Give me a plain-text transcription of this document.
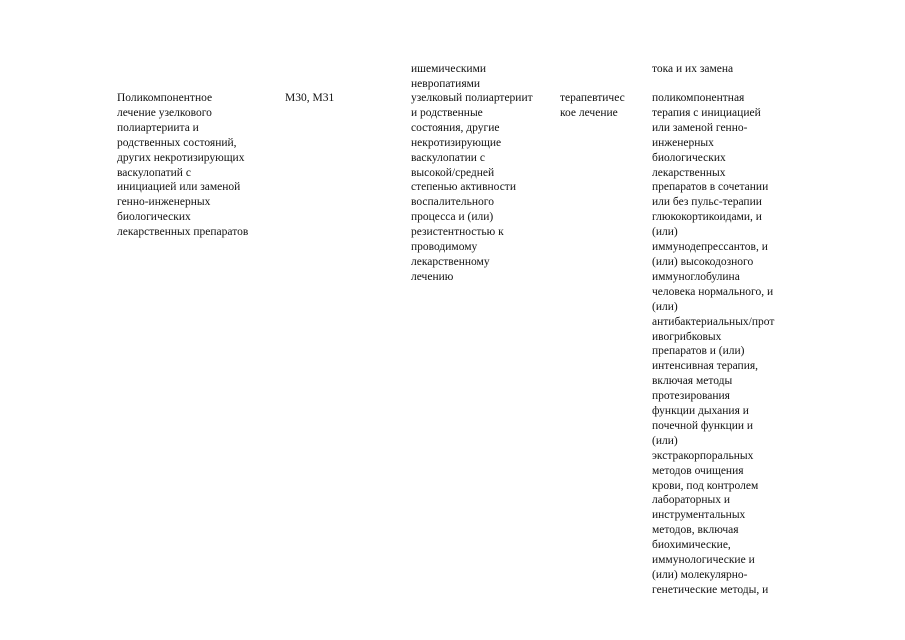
ишемическими
невропатиями
тока и их замена
Поликомпонентное
лечение узелкового
полиартериита и
родственных состояний,
других некротизирующих
васкулопатий с
инициацией или заменой
генно-инженерных
биологических
лекарственных препаратов
M30, M31	узелковый полиартериит
и родственные
состояния, другие
некротизирующие
васкулопатии с
высокой/средней
степенью активности
воспалительного
процесса и (или)
резистентностью к
проводимому
лекарственному
лечению
терапевтичес
кое лечение
поликомпонентная
терапия с инициацией
или заменой генно-
инженерных
биологических
лекарственных
препаратов в сочетании
или без пульс-терапии
глюкокортикоидами, и
(или)
иммунодепрессантов, и
(или) высокодозного
иммуноглобулина
человека нормального, и
(или)
антибактериальных/прот
ивогрибковых
препаратов и (или)
интенсивная терапия,
включая методы
протезирования
функции дыхания и
почечной функции и
(или)
экстракорпоральных
методов очищения
крови, под контролем
лабораторных и
инструментальных
методов, включая
биохимические,
иммунологические и
(или) молекулярно-
генетические методы, и
